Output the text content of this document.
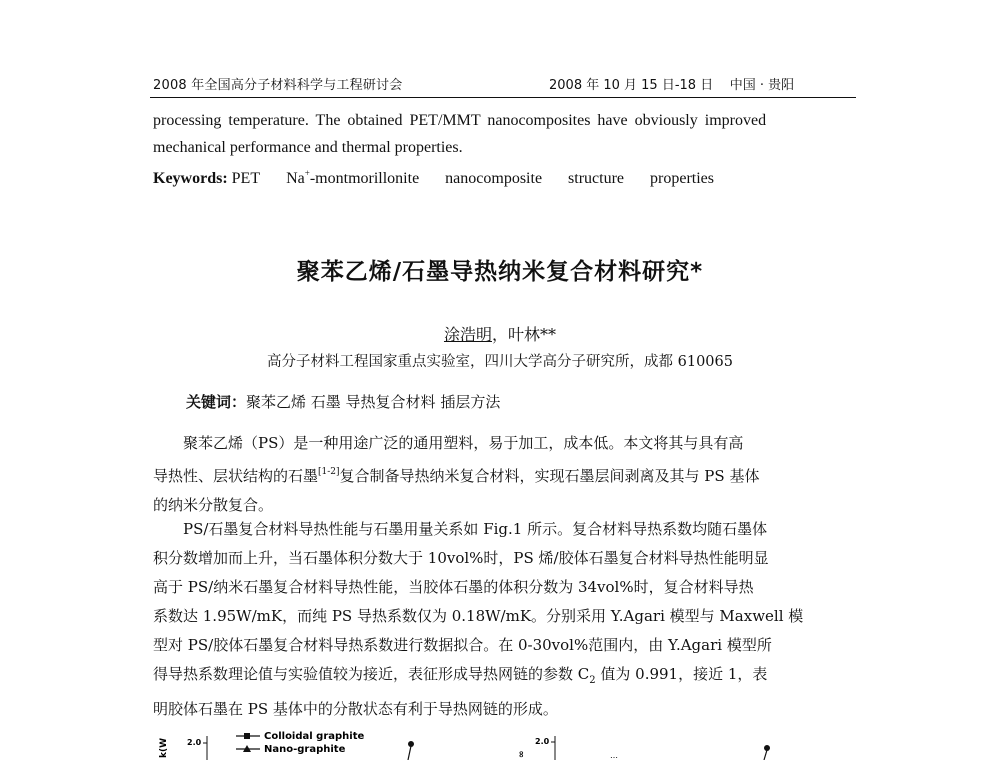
2008 年全国高分子材料科学与工程研讨会	2008 年 10 月 15 日-18 日    中国 · 贵阳
processing temperature. The obtained PET/MMT nanocomposites have obviously improved
mechanical performance and thermal properties.
Keywords: PET Na+-montmorillonite nanocomposite structure properties
聚苯乙烯/石墨导热纳米复合材料研究*
涂浩明，叶林**
高分子材料工程国家重点实验室，四川大学高分子研究所，成都 610065
关键词：聚苯乙烯 石墨 导热复合材料 插层方法
聚苯乙烯（PS）是一种用途广泛的通用塑料，易于加工，成本低。本文将其与具有高
导热性、层状结构的石墨[1-2]复合制备导热纳米复合材料，实现石墨层间剥离及其与 PS 基体
的纳米分散复合。
PS/石墨复合材料导热性能与石墨用量关系如 Fig.1 所示。复合材料导热系数均随石墨体
积分数增加而上升，当石墨体积分数大于 10vol%时，PS 烯/胶体石墨复合材料导热性能明显
高于 PS/纳米石墨复合材料导热性能，当胶体石墨的体积分数为 34vol%时，复合材料导热
系数达 1.95W/mK，而纯 PS 导热系数仅为 0.18W/mK。分别采用 Y.Agari 模型与 Maxwell 模
型对 PS/胶体石墨复合材料导热系数进行数据拟合。在 0-30vol%范围内，由 Y.Agari 模型所
得导热系数理论值与实验值较为接近，表征形成导热网链的参数 $C_2$ 值为 0.991，接近 1，表
明胶体石墨在 PS 基体中的分散状态有利于导热网链的形成。
k(W 2.0
Colloidal graphite
Nano-graphite	∞
2.0
…
